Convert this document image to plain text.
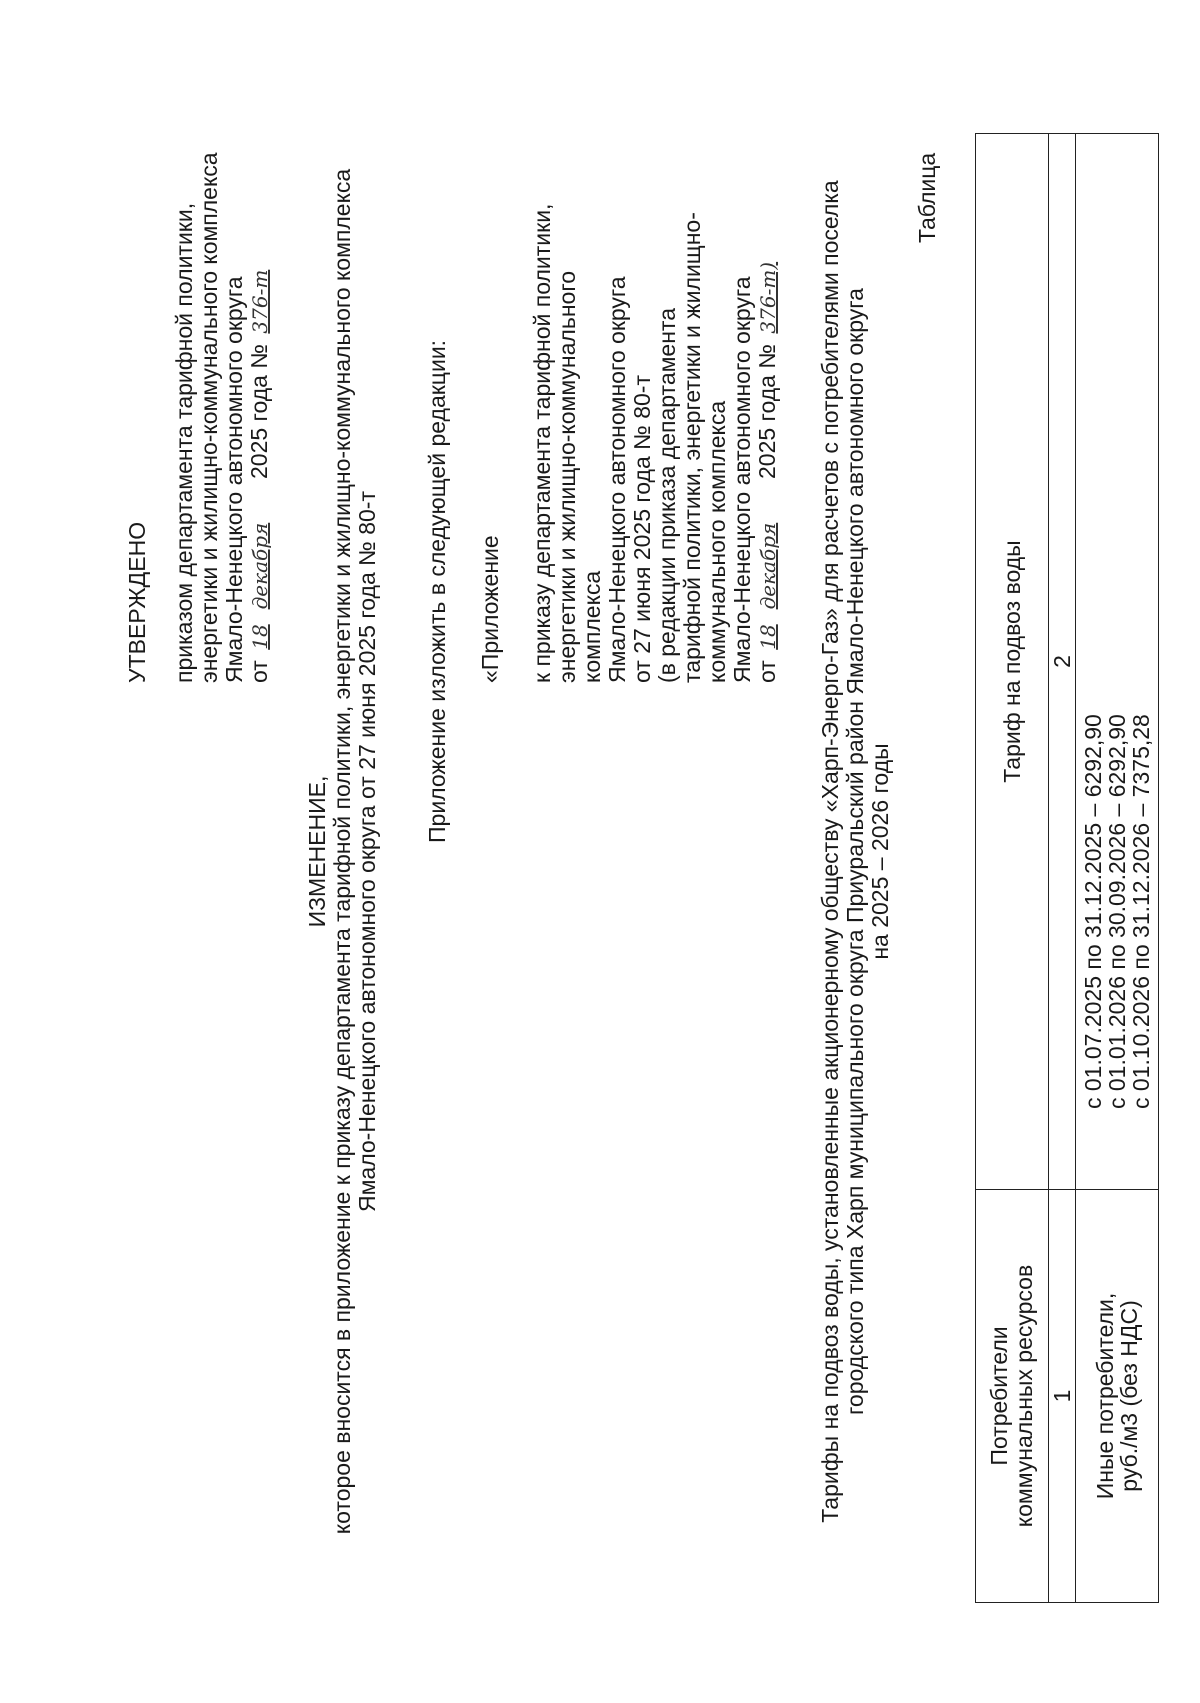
УТВЕРЖДЕНО приказом департамента тарифной политики, энергетики и жилищно-коммунального комплекса Ямало-Ненецкого автономного округа от 18 декабря 2025 года № 376-т
ИЗМЕНЕНИЕ, которое вносится в приложение к приказу департамента тарифной политики, энергетики и жилищно-коммунального комплекса Ямало-Ненецкого автономного округа от 27 июня 2025 года № 80-т Приложение изложить в следующей редакции: «Приложение к приказу департамента тарифной политики, энергетики и жилищно-коммунального комплекса Ямало-Ненецкого автономного округа от 27 июня 2025 года № 80-т (в редакции приказа департамента тарифной политики, энергетики и жилищно- коммунального комплекса Ямало-Ненецкого автономного округа от 18 декабря 2025 года № 376-т) Тарифы на подвоз воды, установленные акционерному обществу «Харп-Энерго-Газ» для расчетов с потребителями поселка городского типа Харп муниципального округа Приуральский район Ямало-Ненецкого автономного округа на 2025 – 2026 годы
Таблица
Потребители коммунальных ресурсов	Тариф на подвоз воды
1	2

Иные потребители,
руб./м3 (без НДС)	с 01.07.2025 по 31.12.2025 – 6292,90
с 01.01.2026 по 30.09.2026 – 6292,90
с 01.10.2026 по 31.12.2026 – 7375,28
